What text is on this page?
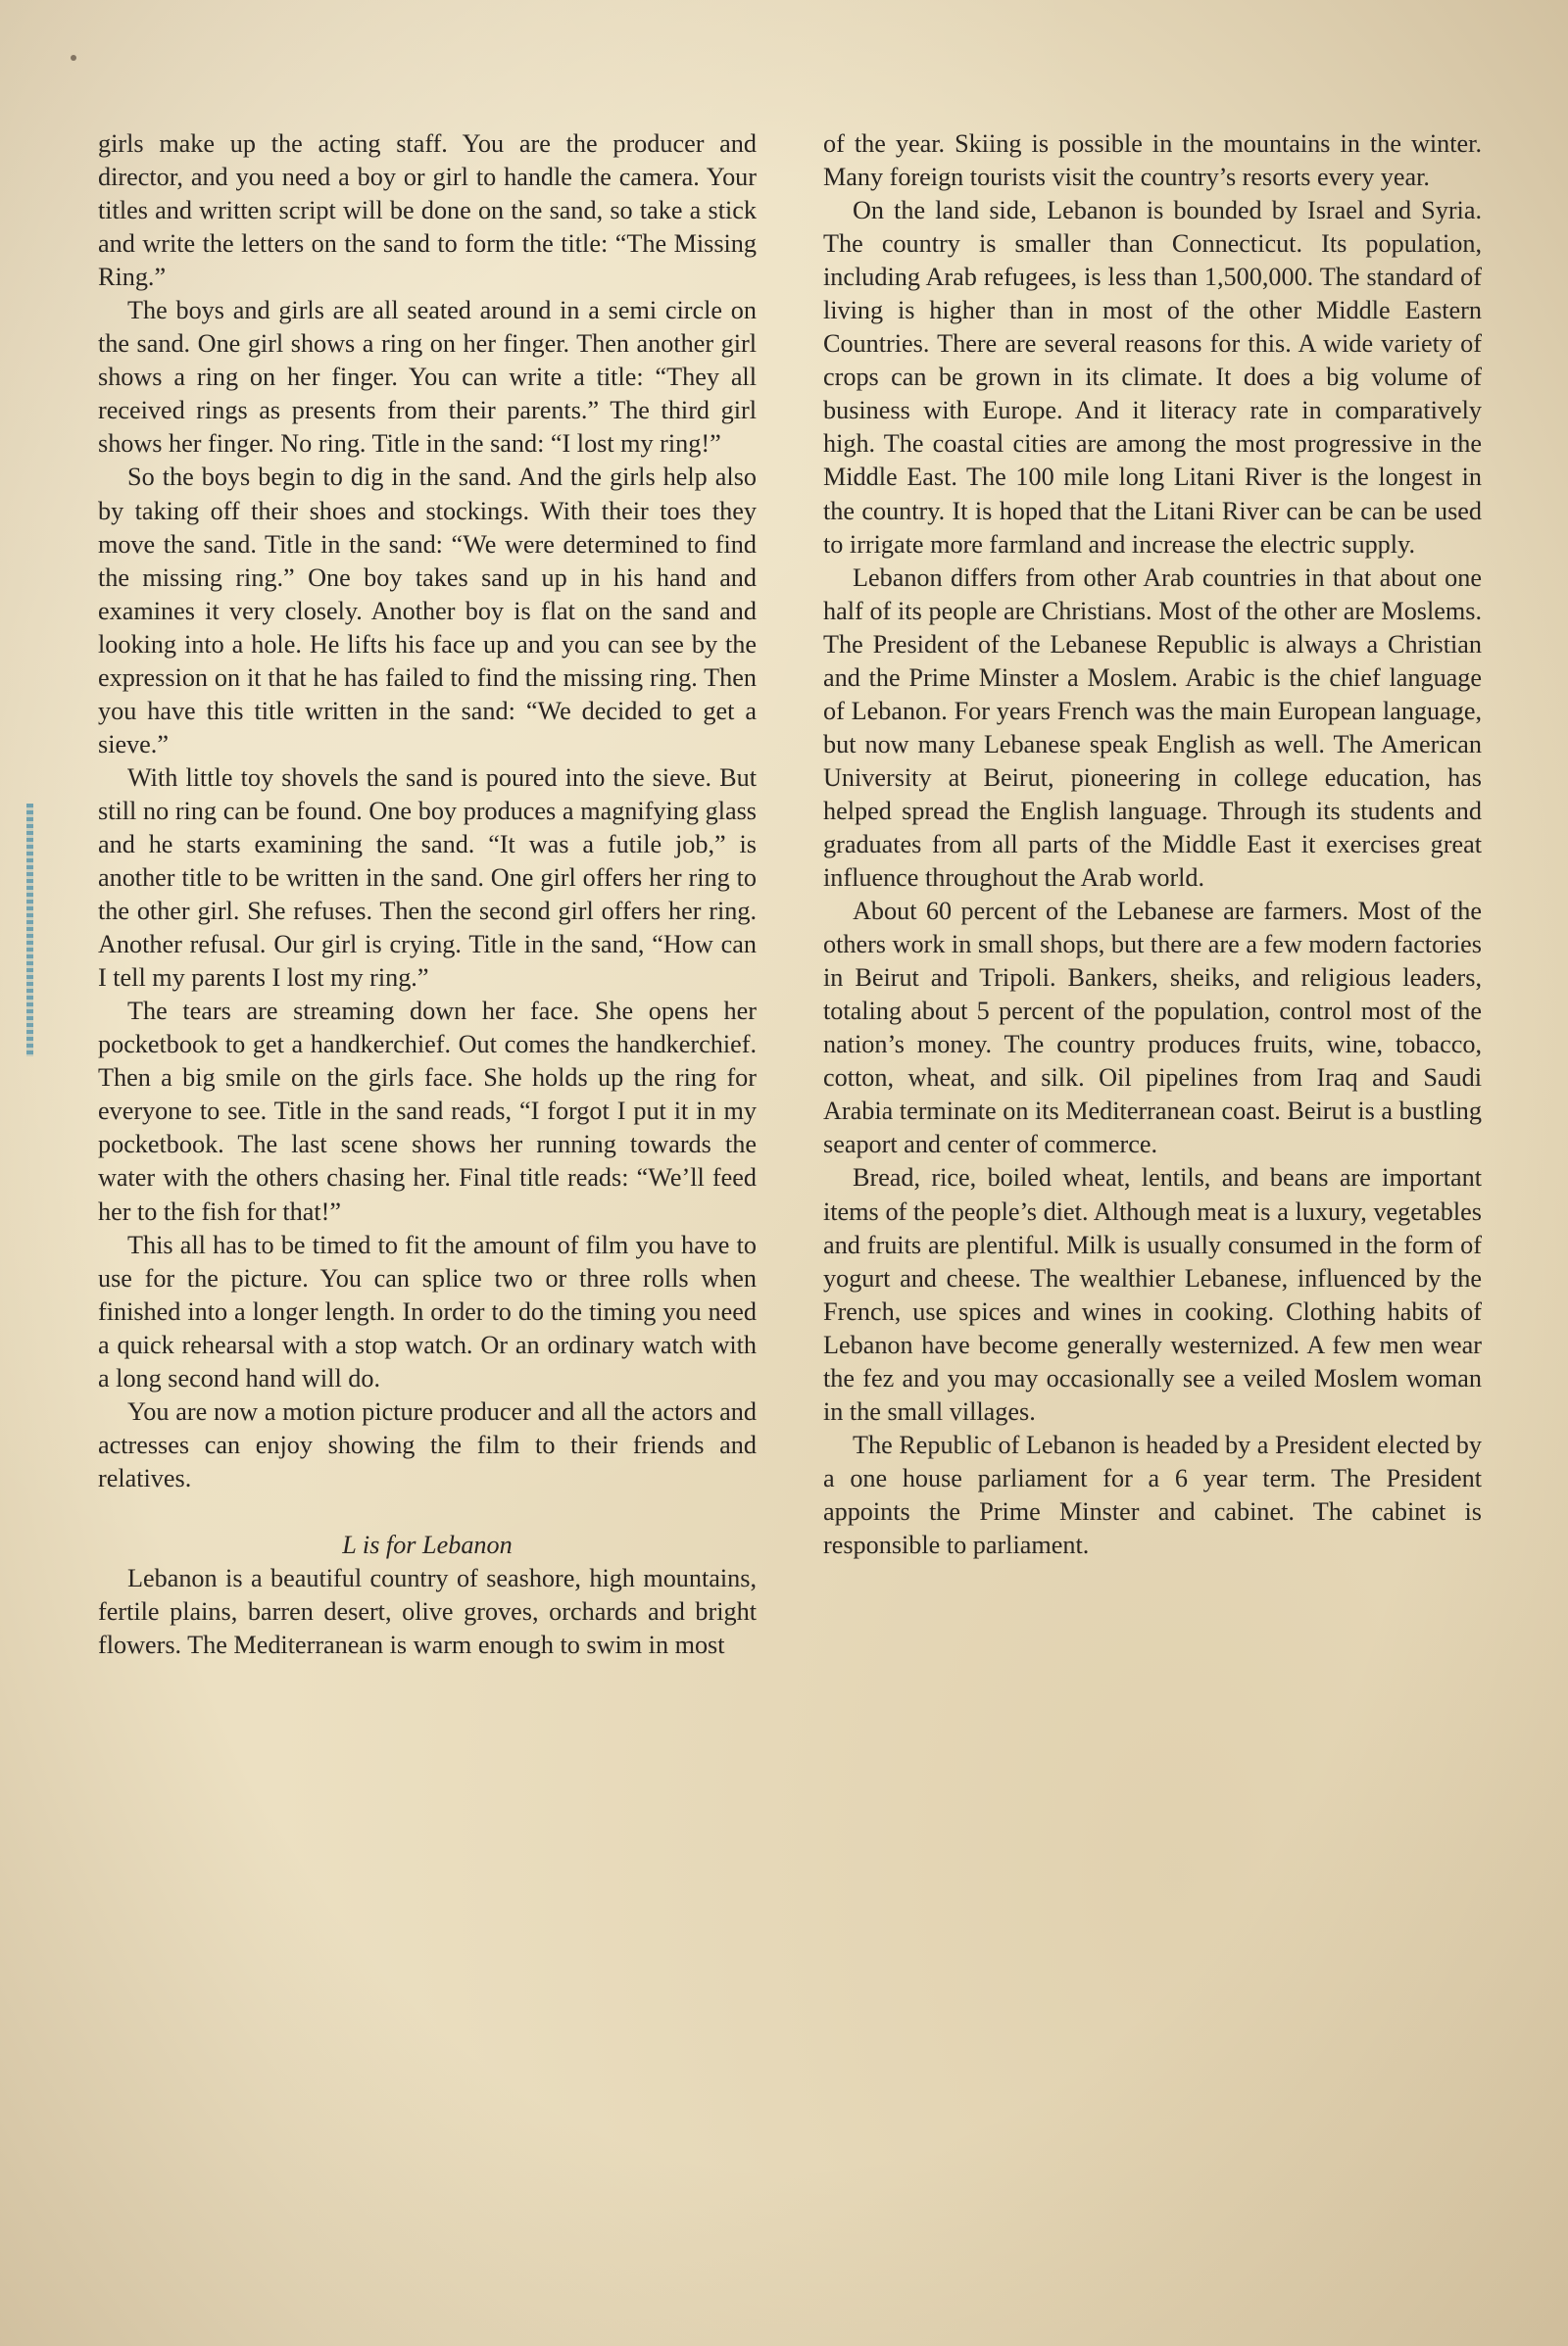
girls make up the acting staff. You are the producer and director, and you need a boy or girl to handle the camera. Your titles and written script will be done on the sand, so take a stick and write the letters on the sand to form the title: “The Missing Ring.”

The boys and girls are all seated around in a semi circle on the sand. One girl shows a ring on her finger. Then another girl shows a ring on her finger. You can write a title: “They all received rings as presents from their parents.” The third girl shows her finger. No ring. Title in the sand: “I lost my ring!”

So the boys begin to dig in the sand. And the girls help also by taking off their shoes and stockings. With their toes they move the sand. Title in the sand: “We were determined to find the missing ring.” One boy takes sand up in his hand and examines it very closely. Another boy is flat on the sand and looking into a hole. He lifts his face up and you can see by the expression on it that he has failed to find the missing ring. Then you have this title written in the sand: “We decided to get a sieve.”

With little toy shovels the sand is poured into the sieve. But still no ring can be found. One boy produces a magnifying glass and he starts examining the sand. “It was a futile job,” is another title to be written in the sand. One girl offers her ring to the other girl. She refuses. Then the second girl offers her ring. Another refusal. Our girl is crying. Title in the sand, “How can I tell my parents I lost my ring.”

The tears are streaming down her face. She opens her pocketbook to get a handkerchief. Out comes the handkerchief. Then a big smile on the girls face. She holds up the ring for everyone to see. Title in the sand reads, “I forgot I put it in my pocketbook. The last scene shows her running towards the water with the others chasing her. Final title reads: “We’ll feed her to the fish for that!”

This all has to be timed to fit the amount of film you have to use for the picture. You can splice two or three rolls when finished into a longer length. In order to do the timing you need a quick rehearsal with a stop watch. Or an ordinary watch with a long second hand will do.

You are now a motion picture producer and all the actors and actresses can enjoy showing the film to their friends and relatives.

L is for Lebanon

Lebanon is a beautiful country of seashore, high mountains, fertile plains, barren desert, olive groves, orchards and bright flowers. The Mediterranean is warm enough to swim in most

of the year. Skiing is possible in the mountains in the winter. Many foreign tourists visit the country’s resorts every year.

On the land side, Lebanon is bounded by Israel and Syria. The country is smaller than Connecticut. Its population, including Arab refugees, is less than 1,500,000. The standard of living is higher than in most of the other Middle Eastern Countries. There are several reasons for this. A wide variety of crops can be grown in its climate. It does a big volume of business with Europe. And it literacy rate in comparatively high. The coastal cities are among the most progressive in the Middle East. The 100 mile long Litani River is the longest in the country. It is hoped that the Litani River can be can be used to irrigate more farmland and increase the electric supply.

Lebanon differs from other Arab countries in that about one half of its people are Christians. Most of the other are Moslems. The President of the Lebanese Republic is always a Christian and the Prime Minster a Moslem. Arabic is the chief language of Lebanon. For years French was the main European language, but now many Lebanese speak English as well. The American University at Beirut, pioneering in college education, has helped spread the English language. Through its students and graduates from all parts of the Middle East it exercises great influence throughout the Arab world.

About 60 percent of the Lebanese are farmers. Most of the others work in small shops, but there are a few modern factories in Beirut and Tripoli. Bankers, sheiks, and religious leaders, totaling about 5 percent of the population, control most of the nation’s money. The country produces fruits, wine, tobacco, cotton, wheat, and silk. Oil pipelines from Iraq and Saudi Arabia terminate on its Mediterranean coast. Beirut is a bustling seaport and center of commerce.

Bread, rice, boiled wheat, lentils, and beans are important items of the people’s diet. Although meat is a luxury, vegetables and fruits are plentiful. Milk is usually consumed in the form of yogurt and cheese. The wealthier Lebanese, influenced by the French, use spices and wines in cooking. Clothing habits of Lebanon have become generally westernized. A few men wear the fez and you may occasionally see a veiled Moslem woman in the small villages.

The Republic of Lebanon is headed by a President elected by a one house parliament for a 6 year term. The President appoints the Prime Minster and cabinet. The cabinet is responsible to parliament.
